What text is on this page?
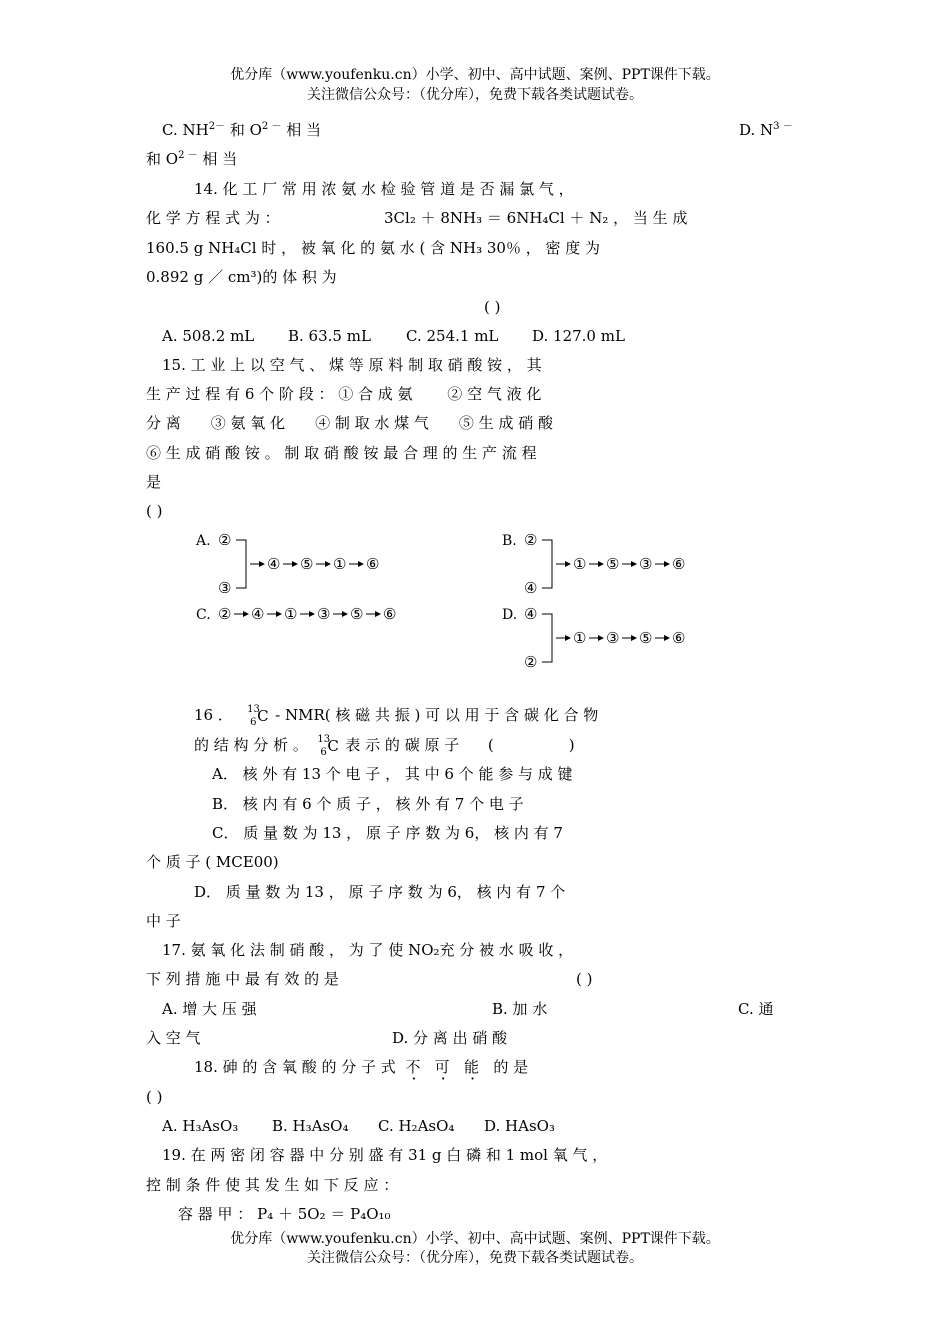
优分库（www.youfenku.cn）小学、初中、高中试题、案例、PPT课件下载。
关注微信公众号：（优分库），免费下载各类试题试卷。
C. $NH^{2-}$ 和 $O^{2 -}$ 相 当	D. $N^{3 -}$
和 $O^{2 -}$ 相 当
14. 化 工 厂 常 用 浓 氨 水 检 验 管 道 是 否 漏 氯 气 ，
化 学 方 程 式 为 ：	3Cl₂ ＋ 8NH₃ ＝ 6NH₄Cl ＋ N₂ ， 当 生 成
160.5 g NH₄Cl 时 ， 被 氧 化 的 氨 水 ( 含 NH₃ 30％ ， 密 度 为
0.892 g ／ cm³)的 体 积 为
( )
A. 508.2 mL B. 63.5 mL C. 254.1 mL D. 127.0 mL
15. 工 业 上 以 空 气 、 煤 等 原 料 制 取 硝 酸 铵 ， 其
生 产 过 程 有 6 个 阶 段 ： ① 合 成 氨　　 ② 空 气 液 化
分 离　　③ 氨 氧 化　　④ 制 取 水 煤 气　　⑤ 生 成 硝 酸
⑥ 生 成 硝 酸 铵 。 制 取 硝 酸 铵 最 合 理 的 生 产 流 程
是
( )
A. ②
③
④ ⑤ ① ⑥
B. ②
④
① ⑤ ③ ⑥
C. ② ④ ① ③ ⑤ ⑥	D. ④
②
① ③ ⑤ ⑥
16 ． 13
6 C - NMR( 核 磁 共 振 ) 可 以 用 于 含 碳 化 合 物
的 结 构 分 析 。 13
6 C 表 示 的 碳 原 子 (　　　　　)
A． 核 外 有 13 个 电 子 ， 其 中 6 个 能 参 与 成 键
B． 核 内 有 6 个 质 子 ， 核 外 有 7 个 电 子
C． 质 量 数 为 13 ， 原 子 序 数 为 6， 核 内 有 7
个 质 子 ( MCE00)
D． 质 量 数 为 13 ， 原 子 序 数 为 6， 核 内 有 7 个
中 子
17. 氨 氧 化 法 制 硝 酸 ， 为 了 使 NO₂充 分 被 水 吸 收 ，
下 列 措 施 中 最 有 效 的 是	( )
A. 增 大 压 强	B. 加 水	C. 通
入 空 气	D. 分 离 出 硝 酸
18. 砷 的 含 氧 酸 的 分 子 式 不 可 能 的 是
( )
A. H₃AsO₃ B. H₃AsO₄ C. H₂AsO₄ D. HAsO₃
19. 在 两 密 闭 容 器 中 分 别 盛 有 31 g 白 磷 和 1 mol 氧 气 ，
控 制 条 件 使 其 发 生 如 下 反 应 ：
容 器 甲 ： P₄ ＋ 5O₂ ＝ P₄O₁₀
优分库（www.youfenku.cn）小学、初中、高中试题、案例、PPT课件下载。
关注微信公众号：（优分库），免费下载各类试题试卷。
